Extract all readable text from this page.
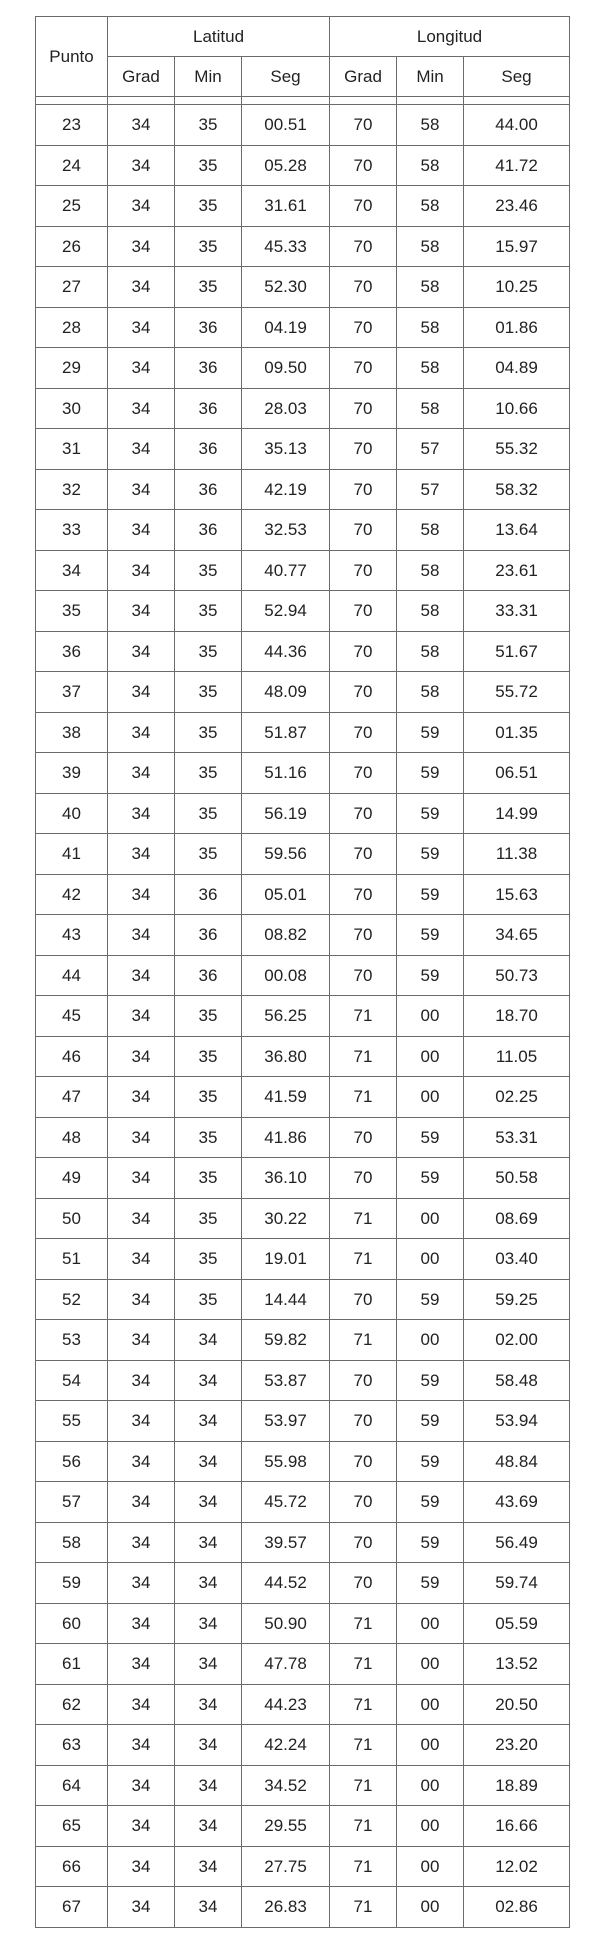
Punto	Latitud			Longitud		
	Grad	Min	Seg	Grad	Min	Seg

23	34	35	00.51	70	58	44.00
24	34	35	05.28	70	58	41.72
25	34	35	31.61	70	58	23.46
26	34	35	45.33	70	58	15.97
27	34	35	52.30	70	58	10.25
28	34	36	04.19	70	58	01.86
29	34	36	09.50	70	58	04.89
30	34	36	28.03	70	58	10.66
31	34	36	35.13	70	57	55.32
32	34	36	42.19	70	57	58.32
33	34	36	32.53	70	58	13.64
34	34	35	40.77	70	58	23.61
35	34	35	52.94	70	58	33.31
36	34	35	44.36	70	58	51.67
37	34	35	48.09	70	58	55.72
38	34	35	51.87	70	59	01.35
39	34	35	51.16	70	59	06.51
40	34	35	56.19	70	59	14.99
41	34	35	59.56	70	59	11.38
42	34	36	05.01	70	59	15.63
43	34	36	08.82	70	59	34.65
44	34	36	00.08	70	59	50.73
45	34	35	56.25	71	00	18.70
46	34	35	36.80	71	00	11.05
47	34	35	41.59	71	00	02.25
48	34	35	41.86	70	59	53.31
49	34	35	36.10	70	59	50.58
50	34	35	30.22	71	00	08.69
51	34	35	19.01	71	00	03.40
52	34	35	14.44	70	59	59.25
53	34	34	59.82	71	00	02.00
54	34	34	53.87	70	59	58.48
55	34	34	53.97	70	59	53.94
56	34	34	55.98	70	59	48.84
57	34	34	45.72	70	59	43.69
58	34	34	39.57	70	59	56.49
59	34	34	44.52	70	59	59.74
60	34	34	50.90	71	00	05.59
61	34	34	47.78	71	00	13.52
62	34	34	44.23	71	00	20.50
63	34	34	42.24	71	00	23.20
64	34	34	34.52	71	00	18.89
65	34	34	29.55	71	00	16.66
66	34	34	27.75	71	00	12.02
67	34	34	26.83	71	00	02.86
